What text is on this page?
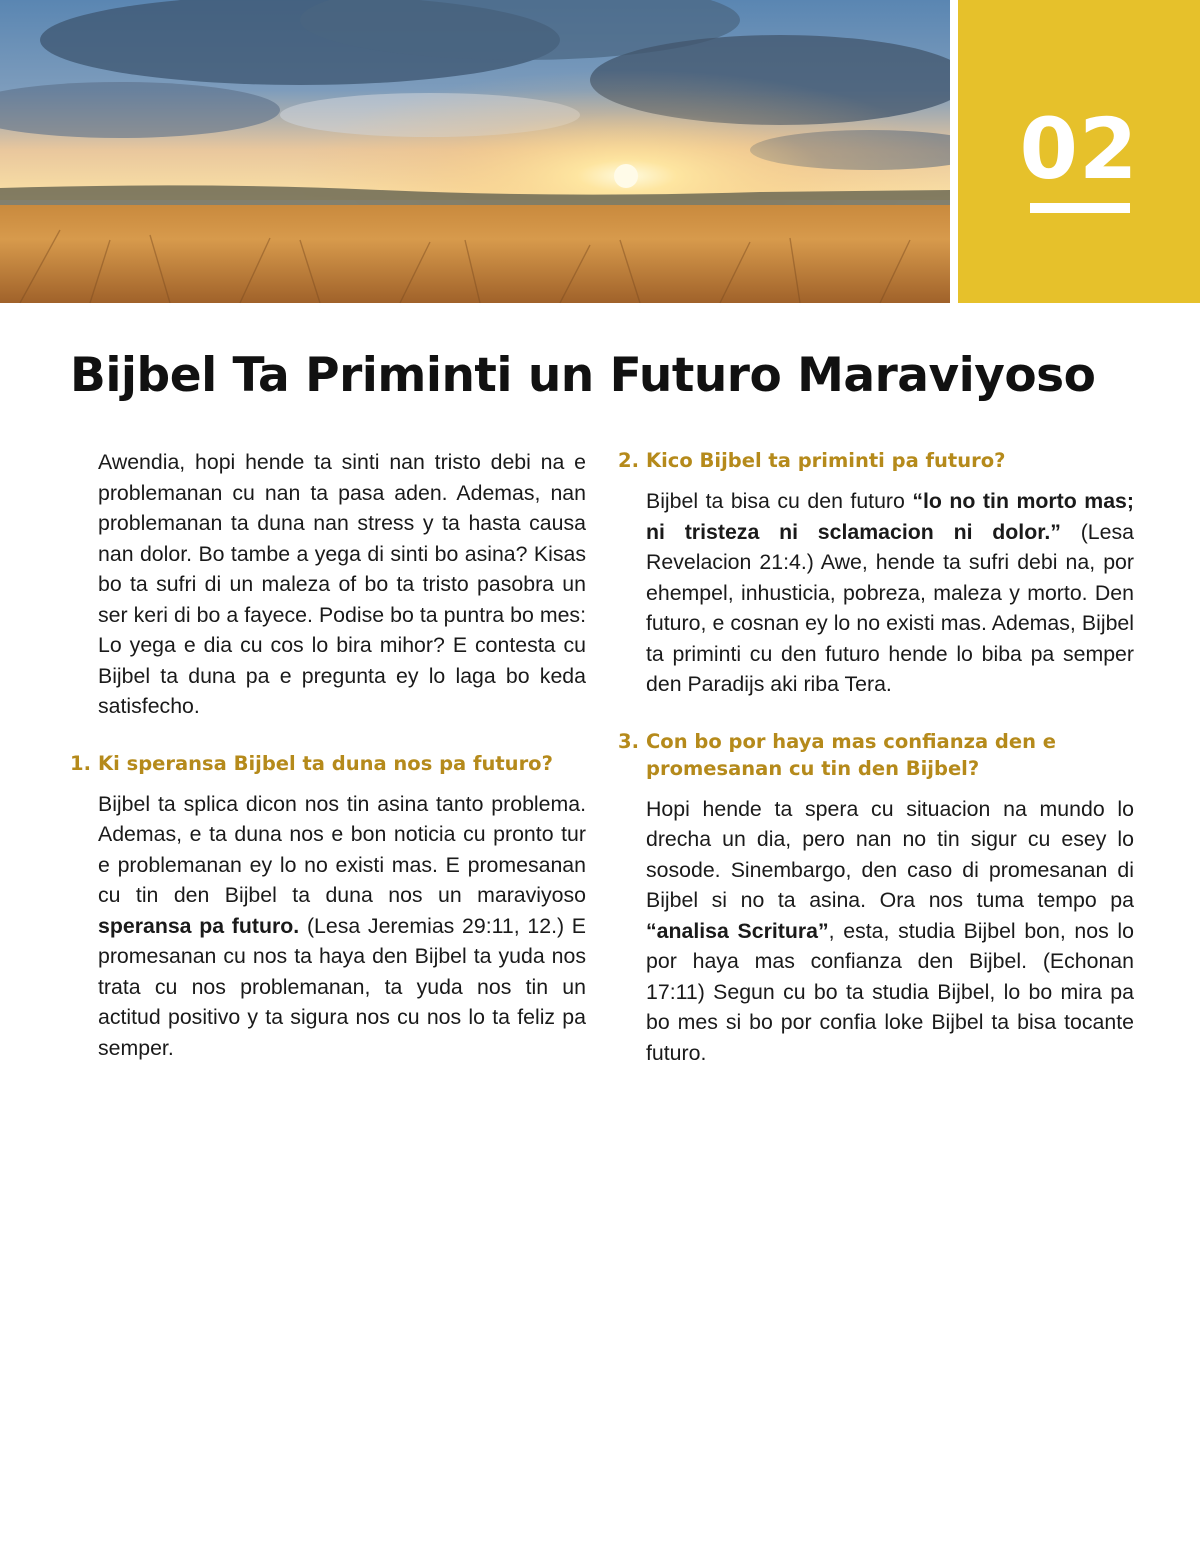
02
Bijbel Ta Priminti un Futuro Maraviyoso

Awendia, hopi hende ta sinti nan tristo debi na e problemanan cu nan ta pasa aden. Ademas, nan problemanan ta duna nan stress y ta hasta causa nan dolor. Bo tambe a yega di sinti bo asina? Kisas bo ta sufri di un maleza of bo ta tristo pasobra un ser keri di bo a fayece. Podise bo ta puntra bo mes: Lo yega e dia cu cos lo bira mihor? E contesta cu Bijbel ta duna pa e pregunta ey lo laga bo keda satisfecho.

1. Ki speransa Bijbel ta duna nos pa futuro?

Bijbel ta splica dicon nos tin asina tanto problema. Ademas, e ta duna nos e bon noticia cu pronto tur e problemanan ey lo no existi mas. E promesanan cu tin den Bijbel ta duna nos un maraviyoso speransa pa futuro. (Lesa Jeremias 29:11, 12.) E promesanan cu nos ta haya den Bijbel ta yuda nos trata cu nos problemanan, ta yuda nos tin un actitud positivo y ta sigura nos cu nos lo ta feliz pa semper.

2. Kico Bijbel ta priminti pa futuro?

Bijbel ta bisa cu den futuro “lo no tin morto mas; ni tristeza ni sclamacion ni dolor.” (Lesa Revelacion 21:4.) Awe, hende ta sufri debi na, por ehempel, inhusticia, pobreza, maleza y morto. Den futuro, e cosnan ey lo no existi mas. Ademas, Bijbel ta priminti cu den futuro hende lo biba pa semper den Paradijs aki riba Tera.

3. Con bo por haya mas confianza den e promesanan cu tin den Bijbel?

Hopi hende ta spera cu situacion na mundo lo drecha un dia, pero nan no tin sigur cu esey lo sosode. Sinembargo, den caso di promesanan di Bijbel si no ta asina. Ora nos tuma tempo pa “analisa Scritura”, esta, studia Bijbel bon, nos lo por haya mas confianza den Bijbel. (Echonan 17:11) Segun cu bo ta studia Bijbel, lo bo mira pa bo mes si bo por confia loke Bijbel ta bisa tocante futuro.
